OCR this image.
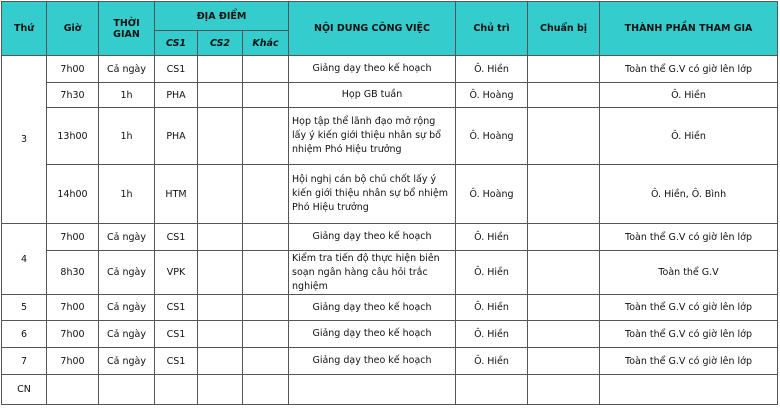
Thứ	Giờ	THỜI GIAN	ĐỊA ĐIỂM			NỘI DUNG CÔNG VIỆC	Chủ trì	Chuẩn bị	THÀNH PHẦN THAM GIA
			CS1	CS2	Khác				
3	7h00	Cả ngày	CS1			Giảng dạy theo kế hoạch	Ô. Hiền		Toàn thể G.V có giờ lên lớp
	7h30	1h	PHA			Họp GB tuần	Ô. Hoàng		Ô. Hiền
	13h00	1h	PHA			Họp tập thể lãnh đạo mở rộng lấy ý kiến giới thiệu nhân sự bổ nhiệm Phó Hiệu trưởng	Ô. Hoàng		Ô. Hiền
	14h00	1h	HTM			Hội nghị cán bộ chủ chốt lấy ý kiến giới thiệu nhân sự bổ nhiệm Phó Hiệu trưởng	Ô. Hoàng		Ô. Hiền, Ô. Bình
4	7h00	Cả ngày	CS1			Giảng dạy theo kế hoạch	Ô. Hiền		Toàn thể G.V có giờ lên lớp
	8h30	Cả ngày	VPK			Kiểm tra tiến độ thực hiện biên soạn ngân hàng câu hỏi trắc nghiệm	Ô. Hiền		Toàn thể G.V
5	7h00	Cả ngày	CS1			Giảng dạy theo kế hoạch	Ô. Hiền		Toàn thể G.V có giờ lên lớp
6	7h00	Cả ngày	CS1			Giảng dạy theo kế hoạch	Ô. Hiền		Toàn thể G.V có giờ lên lớp
7	7h00	Cả ngày	CS1			Giảng dạy theo kế hoạch	Ô. Hiền		Toàn thể G.V có giờ lên lớp
CN									
